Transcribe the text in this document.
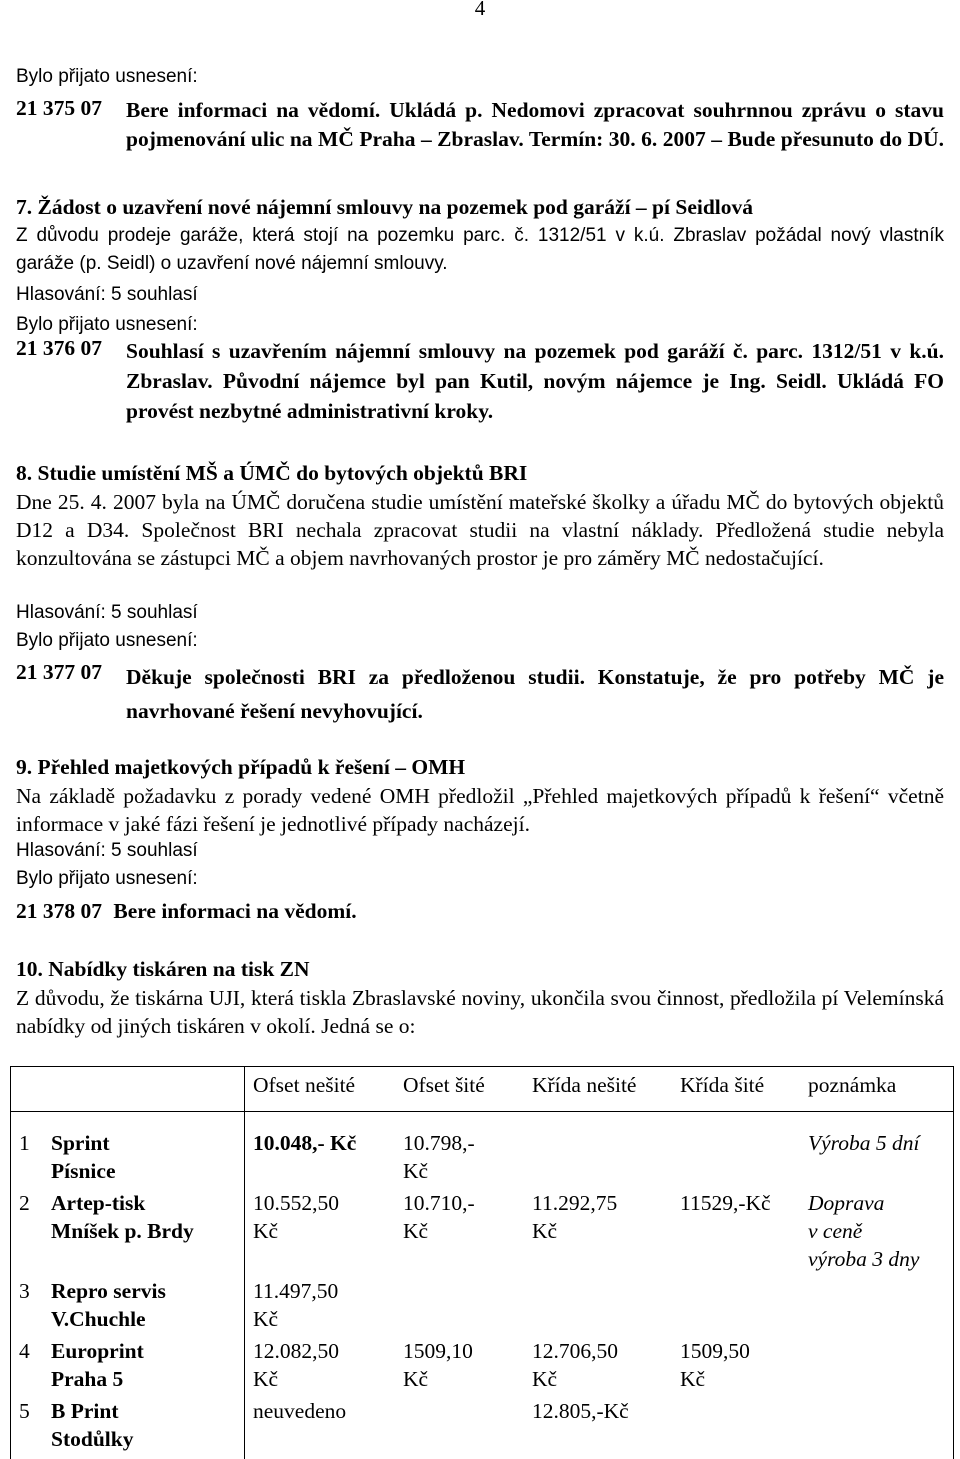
4
Bylo přijato usnesení:
21 375 07 Bere informaci na vědomí. Ukládá p. Nedomovi zpracovat souhrnnou zprávu o stavu pojmenování ulic na MČ Praha – Zbraslav. Termín: 30. 6. 2007 – Bude přesunuto do DÚ.
7. Žádost o uzavření nové nájemní smlouvy na pozemek pod garáží – pí Seidlová
Z důvodu prodeje garáže, která stojí na pozemku parc. č. 1312/51 v k.ú. Zbraslav požádal nový vlastník garáže (p. Seidl) o uzavření nové nájemní smlouvy.
Hlasování: 5 souhlasí
Bylo přijato usnesení:
21 376 07 Souhlasí s uzavřením nájemní smlouvy na pozemek pod garáží č. parc. 1312/51 v k.ú. Zbraslav. Původní nájemce byl pan Kutil, novým nájemce je Ing. Seidl. Ukládá FO provést nezbytné administrativní kroky.
8. Studie umístění MŠ a ÚMČ do bytových objektů BRI
Dne 25. 4. 2007 byla na ÚMČ doručena studie umístění mateřské školky a úřadu MČ do bytových objektů D12 a D34. Společnost BRI nechala zpracovat studii na vlastní náklady. Předložená studie nebyla konzultována se zástupci MČ a objem navrhovaných prostor je pro záměry MČ nedostačující.
Hlasování: 5 souhlasí
Bylo přijato usnesení:
21 377 07 Děkuje společnosti BRI za předloženou studii. Konstatuje, že pro potřeby MČ je navrhované řešení nevyhovující.
9. Přehled majetkových případů k řešení – OMH
Na základě požadavku z porady vedené OMH předložil „Přehled majetkových případů k řešení“ včetně informace v jaké fázi řešení je jednotlivé případy nacházejí.
Hlasování: 5 souhlasí
Bylo přijato usnesení:
21 378 07 Bere informaci na vědomí.
10. Nabídky tiskáren na tisk ZN
Z důvodu, že tiskárna UJI, která tiskla Zbraslavské noviny, ukončila svou činnost, předložila pí Velemínská nabídky od jiných tiskáren v okolí. Jedná se o:
Ofset nešité Ofset šité Křída nešité Křída šité poznámka
1 Sprint
Písnice
10.048,- Kč 10.798,-
Kč
Výroba 5 dní
2 Artep-tisk
Mníšek p. Brdy
10.552,50
Kč
10.710,-
Kč
11.292,75
Kč
11529,-Kč Doprava
v ceně
výroba 3 dny
3 Repro servis
V.Chuchle
11.497,50
Kč
4 Europrint
Praha 5
12.082,50
Kč
1509,10
Kč
12.706,50
Kč
1509,50
Kč
5 B Print
Stodůlky
neuvedeno	12.805,-Kč
